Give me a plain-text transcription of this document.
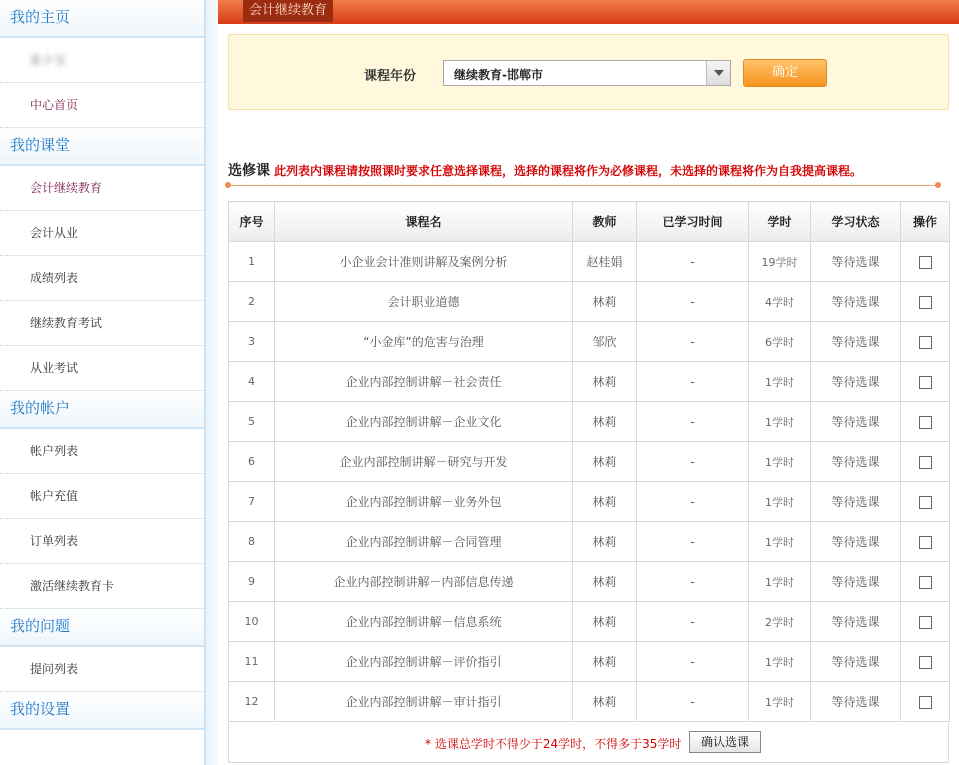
我的主页
张小宝
中心首页
我的课堂
会计继续教育
会计从业
成绩列表
继续教育考试
从业考试
我的帐户
帐户列表
帐户充值
订单列表
激活继续教育卡
我的问题
提问列表
我的设置
会计继续教育
课程年份	继续教育-邯郸市	确定
选修课 此列表内课程请按照课时要求任意选择课程，选择的课程将作为必修课程，未选择的课程将作为自我提高课程。
序号	课程名	教师	已学习时间	学时	学习状态	操作
1	小企业会计准则讲解及案例分析	赵桂娟	-	19学时	等待选课	
2	会计职业道德	林莉	-	4学时	等待选课	
3	“小金库”的危害与治理	邹欣	-	6学时	等待选课	
4	企业内部控制讲解－社会责任	林莉	-	1学时	等待选课	
5	企业内部控制讲解－企业文化	林莉	-	1学时	等待选课	
6	企业内部控制讲解－研究与开发	林莉	-	1学时	等待选课	
7	企业内部控制讲解－业务外包	林莉	-	1学时	等待选课	
8	企业内部控制讲解－合同管理	林莉	-	1学时	等待选课	
9	企业内部控制讲解－内部信息传递	林莉	-	1学时	等待选课	
10	企业内部控制讲解－信息系统	林莉	-	2学时	等待选课	
11	企业内部控制讲解－评价指引	林莉	-	1学时	等待选课	
12	企业内部控制讲解－审计指引	林莉	-	1学时	等待选课	
* 选课总学时不得少于24学时，不得多于35学时	确认选课
